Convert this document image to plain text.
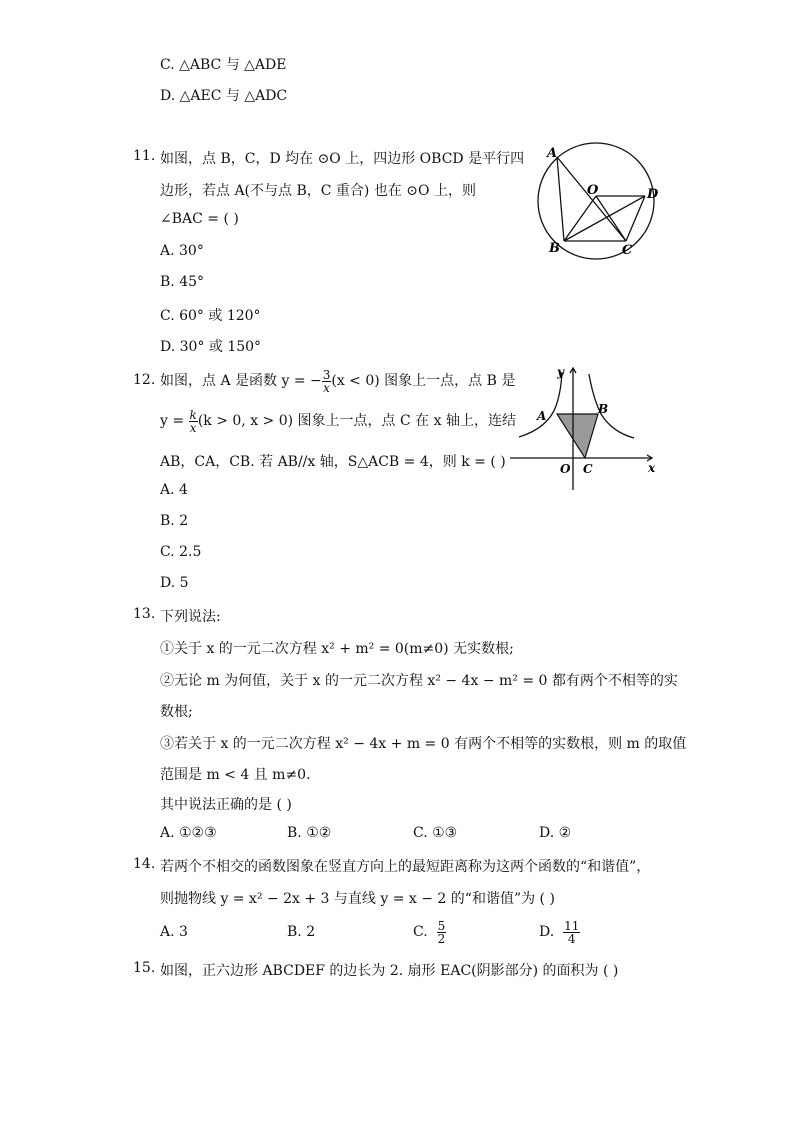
C. △ABC 与 △ADE
D. △AEC 与 △ADC
11. 如图，点 B，C，D 均在 ⊙O 上，四边形 OBCD 是平行四
边形，若点 A(不与点 B，C 重合) 也在 ⊙O 上，则
∠BAC = ( )
A. 30°
B. 45°
C. 60° 或 120°
D. 30° 或 150°
A
O	D
B	C
12. 如图，点 A 是函数 y = − $\frac{3}{x} (x < 0)$ 图象上一点，点 B 是
$y = \frac{k}{x} (k > 0$, x > 0) 图象上一点，点 C 在 x 轴上，连结
AB，CA，CB. 若 AB//x 轴，S△ACB = 4，则 k = ( )
A. 4
B. 2
C. 2.5
D. 5
y
x
A	B
O C
13. 下列说法:
①关于 x 的一元二次方程 x² + m² = 0(m≠0) 无实数根;
②无论 m 为何值，关于 x 的一元二次方程 x² − 4x − m² = 0 都有两个不相等的实
数根;
③若关于 x 的一元二次方程 x² − 4x + m = 0 有两个不相等的实数根，则 m 的取值
范围是 m < 4 且 m≠0.
其中说法正确的是 ( )
A. ①②③	B. ①②	C. ①③	D. ②
14. 若两个不相交的函数图象在竖直方向上的最短距离称为这两个函数的“和谐值”，
则抛物线 y = x² − 2x + 3 与直线 y = x − 2 的“和谐值”为 ( )
A. 3	B. 2	C. $\frac{5}{2}$	D. $\frac{11}{4}$
15. 如图，正六边形 ABCDEF 的边长为 2. 扇形 EAC(阴影部分) 的面积为 ( )
